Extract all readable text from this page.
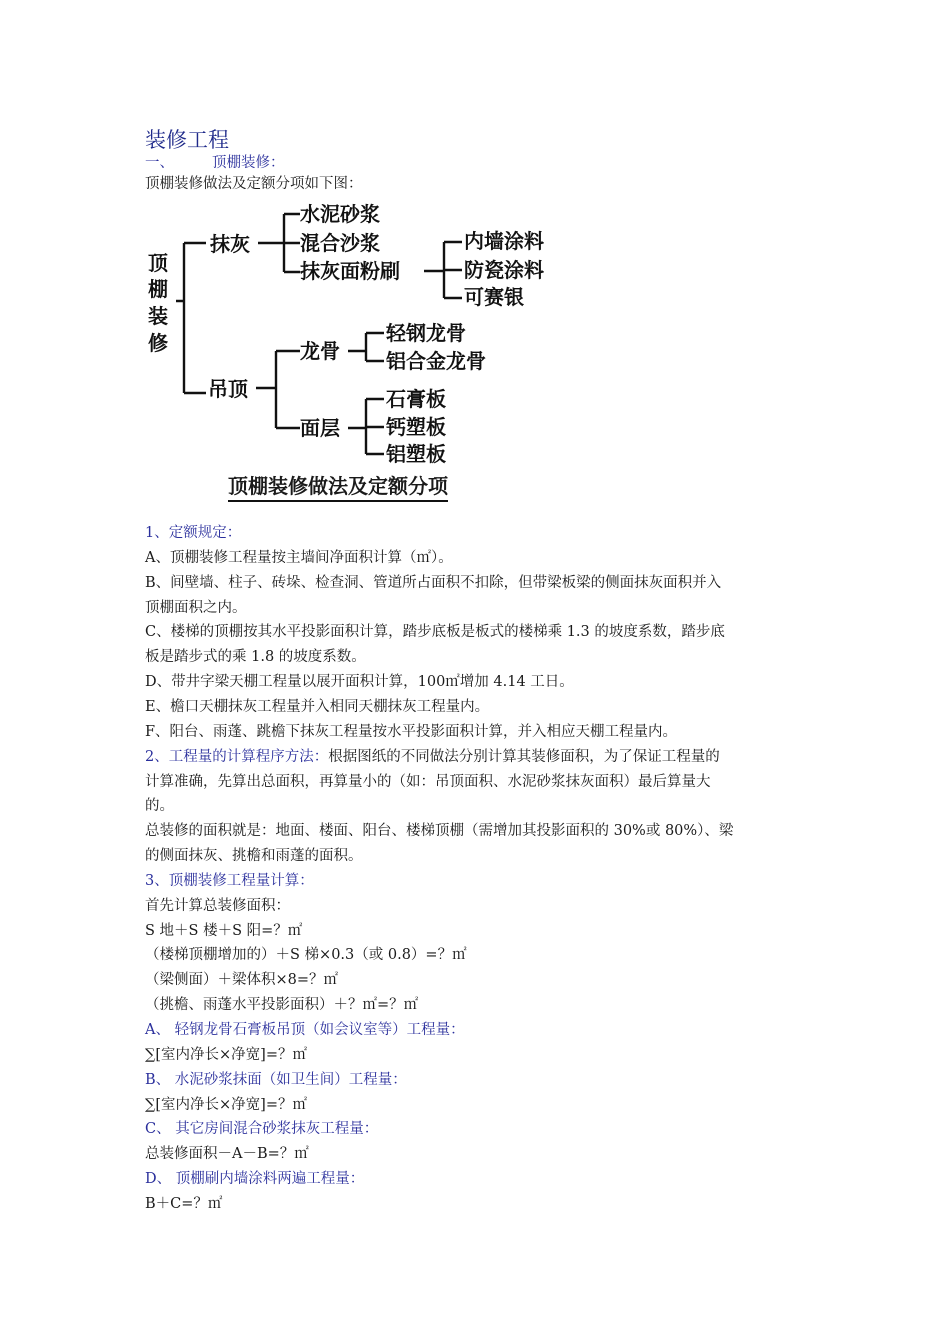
装修工程
一、	顶棚装修：
顶棚装修做法及定额分项如下图：
顶
棚
装
修
抹灰
水泥砂浆
混合沙浆
抹灰面粉刷
内墙涂料
防瓷涂料
可赛银
吊顶
龙骨
轻钢龙骨
铝合金龙骨
面层
石膏板
钙塑板
铝塑板
顶棚装修做法及定额分项
1、定额规定：
A、顶棚装修工程量按主墙间净面积计算（㎡）。
B、间壁墙、柱子、砖垛、检查洞、管道所占面积不扣除，但带梁板梁的侧面抹灰面积并入
顶棚面积之内。
C、楼梯的顶棚按其水平投影面积计算，踏步底板是板式的楼梯乘 1.3 的坡度系数，踏步底
板是踏步式的乘 1.8 的坡度系数。
D、带井字梁天棚工程量以展开面积计算，100㎡增加 4.14 工日。
E、檐口天棚抹灰工程量并入相同天棚抹灰工程量内。
F、阳台、雨蓬、跳檐下抹灰工程量按水平投影面积计算，并入相应天棚工程量内。
2、工程量的计算程序方法：根据图纸的不同做法分别计算其装修面积，为了保证工程量的
计算准确，先算出总面积，再算量小的（如：吊顶面积、水泥砂浆抹灰面积）最后算量大
的。
总装修的面积就是：地面、楼面、阳台、楼梯顶棚（需增加其投影面积的 30%或 80%）、梁
的侧面抹灰、挑檐和雨蓬的面积。
3、顶棚装修工程量计算：
首先计算总装修面积：
S 地＋S 楼＋S 阳=？㎡
（楼梯顶棚增加的）＋S 梯×0.3（或 0.8）=？㎡
（梁侧面）＋梁体积×8=？㎡
（挑檐、雨蓬水平投影面积）＋？㎡=？㎡
A、 轻钢龙骨石膏板吊顶（如会议室等）工程量：
∑[室内净长×净宽]=？㎡
B、 水泥砂浆抹面（如卫生间）工程量：
∑[室内净长×净宽]=？㎡
C、 其它房间混合砂浆抹灰工程量：
总装修面积－A－B=？㎡
D、 顶棚刷内墙涂料两遍工程量：
B＋C=？㎡
